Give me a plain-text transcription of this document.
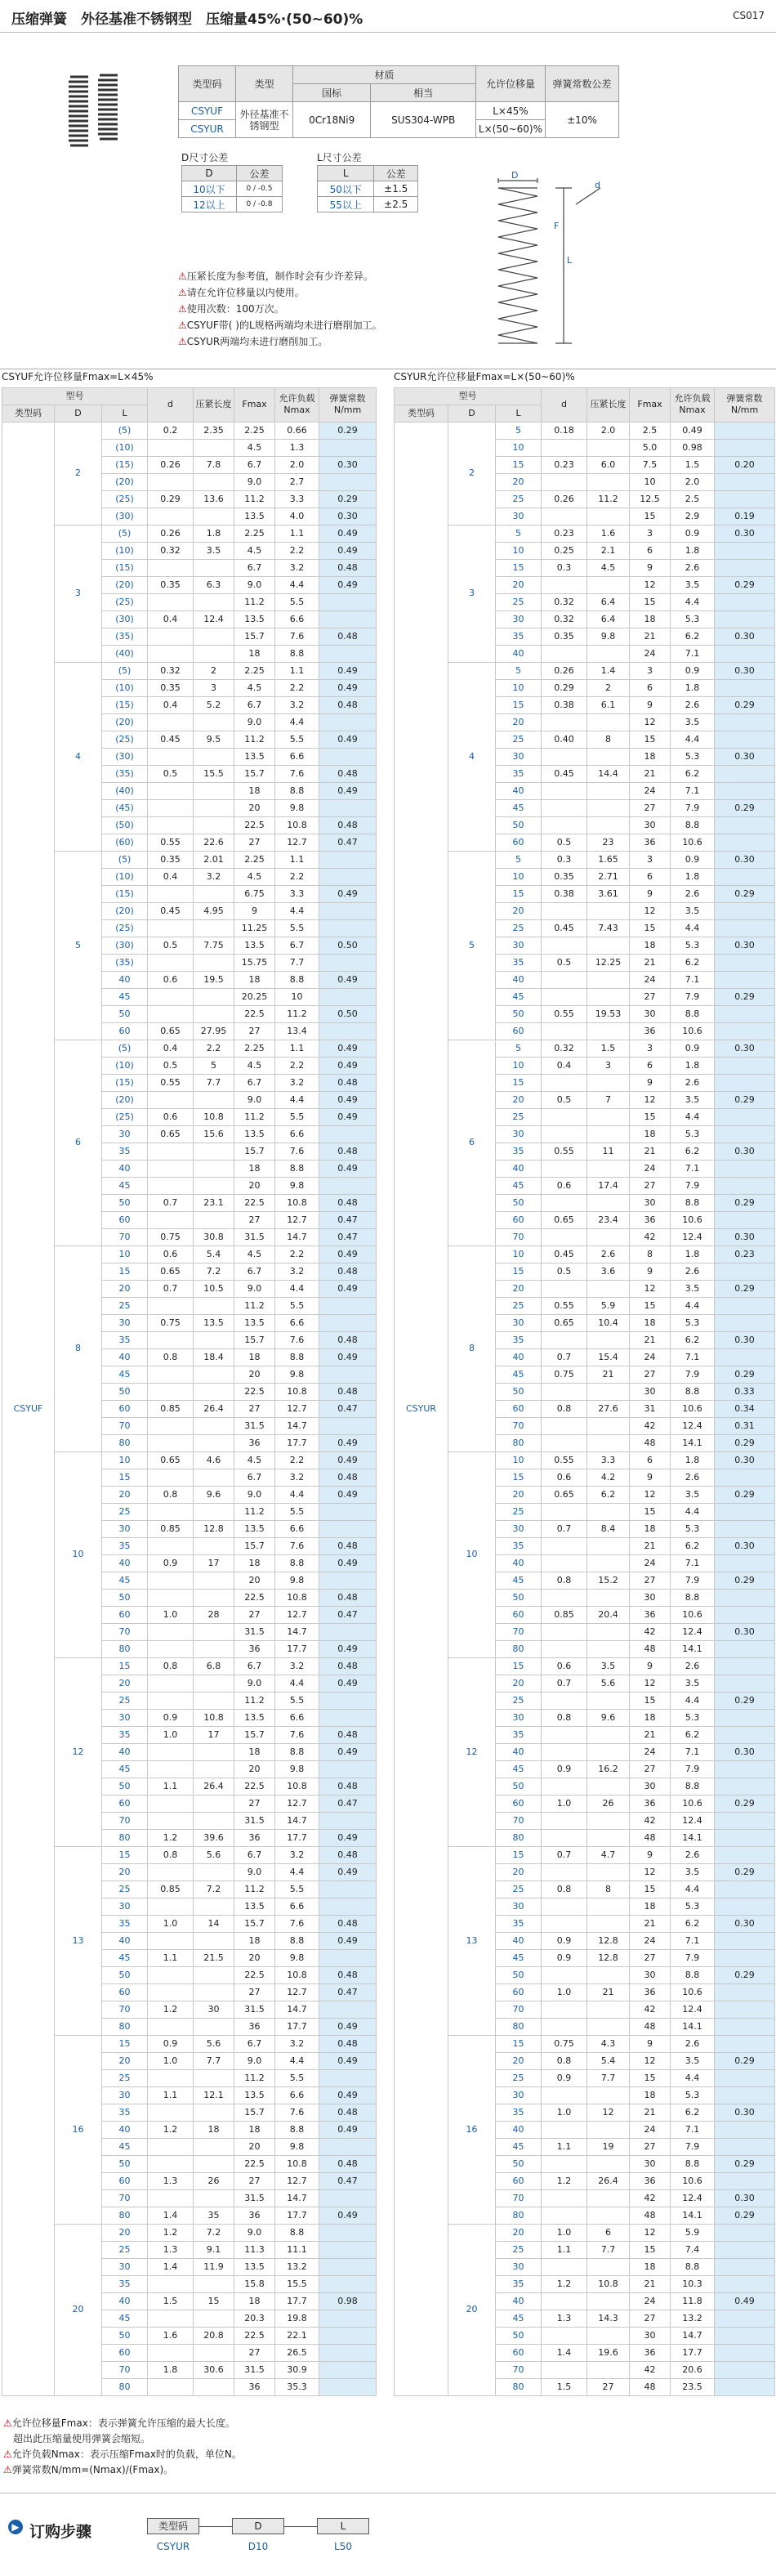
压缩弹簧　外径基准不锈钢型　压缩量45%·(50~60)%	CS017
类型码	类型	材质		允许位移量	弹簧常数公差
		国标	相当		
CSYUF	外径基准不锈钢型	0Cr18Ni9	SUS304-WPB	L×45%	±10%
CSYUR				L×(50~60)%	
D尺寸公差
D	公差
10以下	0 / -0.5
12以上	0 / -0.8
L尺寸公差
L	公差
50以下	±1.5
55以上	±2.5
D
L
F
d
⚠压紧长度为参考值，制作时会有少许差异。
⚠请在允许位移量以内使用。
⚠使用次数：100万次。
⚠CSYUF带( )的L规格两端均未进行磨削加工。
⚠CSYUR两端均未进行磨削加工。
CSYUF允许位移量Fmax=L×45%	CSYUR允许位移量Fmax=L×(50~60)%
型号			d	压紧长度	Fmax	允许负载Nmax	弹簧常数N/mm
类型码	D	L					
CSYUF	2	(5)	0.2	2.35	2.25	0.66	0.29
		(10)			4.5	1.3	
		(15)	0.26	7.8	6.7	2.0	0.30
		(20)			9.0	2.7	
		(25)	0.29	13.6	11.2	3.3	0.29
		(30)			13.5	4.0	0.30
	3	(5)	0.26	1.8	2.25	1.1	0.49
		(10)	0.32	3.5	4.5	2.2	0.49
		(15)			6.7	3.2	0.48
		(20)	0.35	6.3	9.0	4.4	0.49
		(25)			11.2	5.5	
		(30)	0.4	12.4	13.5	6.6	
		(35)			15.7	7.6	0.48
		(40)			18	8.8	
	4	(5)	0.32	2	2.25	1.1	0.49
		(10)	0.35	3	4.5	2.2	0.49
		(15)	0.4	5.2	6.7	3.2	0.48
		(20)			9.0	4.4	
		(25)	0.45	9.5	11.2	5.5	0.49
		(30)			13.5	6.6	
		(35)	0.5	15.5	15.7	7.6	0.48
		(40)			18	8.8	0.49
		(45)			20	9.8	
		(50)			22.5	10.8	0.48
		(60)	0.55	22.6	27	12.7	0.47
	5	(5)	0.35	2.01	2.25	1.1	
		(10)	0.4	3.2	4.5	2.2	
		(15)			6.75	3.3	0.49
		(20)	0.45	4.95	9	4.4	
		(25)			11.25	5.5	
		(30)	0.5	7.75	13.5	6.7	0.50
		(35)			15.75	7.7	
		40	0.6	19.5	18	8.8	0.49
		45			20.25	10	
		50			22.5	11.2	0.50
		60	0.65	27.95	27	13.4	
	6	(5)	0.4	2.2	2.25	1.1	0.49
		(10)	0.5	5	4.5	2.2	0.49
		(15)	0.55	7.7	6.7	3.2	0.48
		(20)			9.0	4.4	0.49
		(25)	0.6	10.8	11.2	5.5	0.49
		30	0.65	15.6	13.5	6.6	
		35			15.7	7.6	0.48
		40			18	8.8	0.49
		45			20	9.8	
		50	0.7	23.1	22.5	10.8	0.48
		60			27	12.7	0.47
		70	0.75	30.8	31.5	14.7	0.47
	8	10	0.6	5.4	4.5	2.2	0.49
		15	0.65	7.2	6.7	3.2	0.48
		20	0.7	10.5	9.0	4.4	0.49
		25			11.2	5.5	
		30	0.75	13.5	13.5	6.6	
		35			15.7	7.6	0.48
		40	0.8	18.4	18	8.8	0.49
		45			20	9.8	
		50			22.5	10.8	0.48
		60	0.85	26.4	27	12.7	0.47
		70			31.5	14.7	
		80			36	17.7	0.49
	10	10	0.65	4.6	4.5	2.2	0.49
		15			6.7	3.2	0.48
		20	0.8	9.6	9.0	4.4	0.49
		25			11.2	5.5	
		30	0.85	12.8	13.5	6.6	
		35			15.7	7.6	0.48
		40	0.9	17	18	8.8	0.49
		45			20	9.8	
		50			22.5	10.8	0.48
		60	1.0	28	27	12.7	0.47
		70			31.5	14.7	
		80			36	17.7	0.49
	12	15	0.8	6.8	6.7	3.2	0.48
		20			9.0	4.4	0.49
		25			11.2	5.5	
		30	0.9	10.8	13.5	6.6	
		35	1.0	17	15.7	7.6	0.48
		40			18	8.8	0.49
		45			20	9.8	
		50	1.1	26.4	22.5	10.8	0.48
		60			27	12.7	0.47
		70			31.5	14.7	
		80	1.2	39.6	36	17.7	0.49
	13	15	0.8	5.6	6.7	3.2	0.48
		20			9.0	4.4	0.49
		25	0.85	7.2	11.2	5.5	
		30			13.5	6.6	
		35	1.0	14	15.7	7.6	0.48
		40			18	8.8	0.49
		45	1.1	21.5	20	9.8	
		50			22.5	10.8	0.48
		60			27	12.7	0.47
		70	1.2	30	31.5	14.7	
		80			36	17.7	0.49
	16	15	0.9	5.6	6.7	3.2	0.48
		20	1.0	7.7	9.0	4.4	0.49
		25			11.2	5.5	
		30	1.1	12.1	13.5	6.6	0.49
		35			15.7	7.6	0.48
		40	1.2	18	18	8.8	0.49
		45			20	9.8	
		50			22.5	10.8	0.48
		60	1.3	26	27	12.7	0.47
		70			31.5	14.7	
		80	1.4	35	36	17.7	0.49
	20	20	1.2	7.2	9.0	8.8	
		25	1.3	9.1	11.3	11.1	
		30	1.4	11.9	13.5	13.2	
		35			15.8	15.5	
		40	1.5	15	18	17.7	0.98
		45			20.3	19.8	
		50	1.6	20.8	22.5	22.1	
		60			27	26.5	
		70	1.8	30.6	31.5	30.9	
		80			36	35.3	
型号			d	压紧长度	Fmax	允许负载Nmax	弹簧常数N/mm
类型码	D	L					
CSYUR	2	5	0.18	2.0	2.5	0.49	
		10			5.0	0.98	
		15	0.23	6.0	7.5	1.5	0.20
		20			10	2.0	
		25	0.26	11.2	12.5	2.5	
		30			15	2.9	0.19
	3	5	0.23	1.6	3	0.9	0.30
		10	0.25	2.1	6	1.8	
		15	0.3	4.5	9	2.6	
		20			12	3.5	0.29
		25	0.32	6.4	15	4.4	
		30	0.32	6.4	18	5.3	
		35	0.35	9.8	21	6.2	0.30
		40			24	7.1	
	4	5	0.26	1.4	3	0.9	0.30
		10	0.29	2	6	1.8	
		15	0.38	6.1	9	2.6	0.29
		20			12	3.5	
		25	0.40	8	15	4.4	
		30			18	5.3	0.30
		35	0.45	14.4	21	6.2	
		40			24	7.1	
		45			27	7.9	0.29
		50			30	8.8	
		60	0.5	23	36	10.6	
	5	5	0.3	1.65	3	0.9	0.30
		10	0.35	2.71	6	1.8	
		15	0.38	3.61	9	2.6	0.29
		20			12	3.5	
		25	0.45	7.43	15	4.4	
		30			18	5.3	0.30
		35	0.5	12.25	21	6.2	
		40			24	7.1	
		45			27	7.9	0.29
		50	0.55	19.53	30	8.8	
		60			36	10.6	
	6	5	0.32	1.5	3	0.9	0.30
		10	0.4	3	6	1.8	
		15			9	2.6	
		20	0.5	7	12	3.5	0.29
		25			15	4.4	
		30			18	5.3	
		35	0.55	11	21	6.2	0.30
		40			24	7.1	
		45	0.6	17.4	27	7.9	
		50			30	8.8	0.29
		60	0.65	23.4	36	10.6	
		70			42	12.4	0.30
	8	10	0.45	2.6	8	1.8	0.23
		15	0.5	3.6	9	2.6	
		20			12	3.5	0.29
		25	0.55	5.9	15	4.4	
		30	0.65	10.4	18	5.3	
		35			21	6.2	0.30
		40	0.7	15.4	24	7.1	
		45	0.75	21	27	7.9	0.29
		50			30	8.8	0.33
		60	0.8	27.6	31	10.6	0.34
		70			42	12.4	0.31
		80			48	14.1	0.29
	10	10	0.55	3.3	6	1.8	0.30
		15	0.6	4.2	9	2.6	
		20	0.65	6.2	12	3.5	0.29
		25			15	4.4	
		30	0.7	8.4	18	5.3	
		35			21	6.2	0.30
		40			24	7.1	
		45	0.8	15.2	27	7.9	0.29
		50			30	8.8	
		60	0.85	20.4	36	10.6	
		70			42	12.4	0.30
		80			48	14.1	
	12	15	0.6	3.5	9	2.6	
		20	0.7	5.6	12	3.5	
		25			15	4.4	0.29
		30	0.8	9.6	18	5.3	
		35			21	6.2	
		40			24	7.1	0.30
		45	0.9	16.2	27	7.9	
		50			30	8.8	
		60	1.0	26	36	10.6	0.29
		70			42	12.4	
		80			48	14.1	
	13	15	0.7	4.7	9	2.6	
		20			12	3.5	0.29
		25	0.8	8	15	4.4	
		30			18	5.3	
		35			21	6.2	0.30
		40	0.9	12.8	24	7.1	
		45	0.9	12.8	27	7.9	
		50			30	8.8	0.29
		60	1.0	21	36	10.6	
		70			42	12.4	
		80			48	14.1	
	16	15	0.75	4.3	9	2.6	
		20	0.8	5.4	12	3.5	0.29
		25	0.9	7.7	15	4.4	
		30			18	5.3	
		35	1.0	12	21	6.2	0.30
		40			24	7.1	
		45	1.1	19	27	7.9	
		50			30	8.8	0.29
		60	1.2	26.4	36	10.6	
		70			42	12.4	0.30
		80			48	14.1	0.29
	20	20	1.0	6	12	5.9	
		25	1.1	7.7	15	7.4	
		30			18	8.8	
		35	1.2	10.8	21	10.3	
		40			24	11.8	0.49
		45	1.3	14.3	27	13.2	
		50			30	14.7	
		60	1.4	19.6	36	17.7	
		70			42	20.6	
		80	1.5	27	48	23.5	
⚠允许位移量Fmax：表示弹簧允许压缩的最大长度。
超出此压缩量使用弹簧会缩短。
⚠允许负载Nmax：表示压缩Fmax时的负载，单位N。
⚠弹簧常数N/mm=(Nmax)/(Fmax)。
▶ 订购步骤	类型码	D	L
CSYUR	D10	L50
